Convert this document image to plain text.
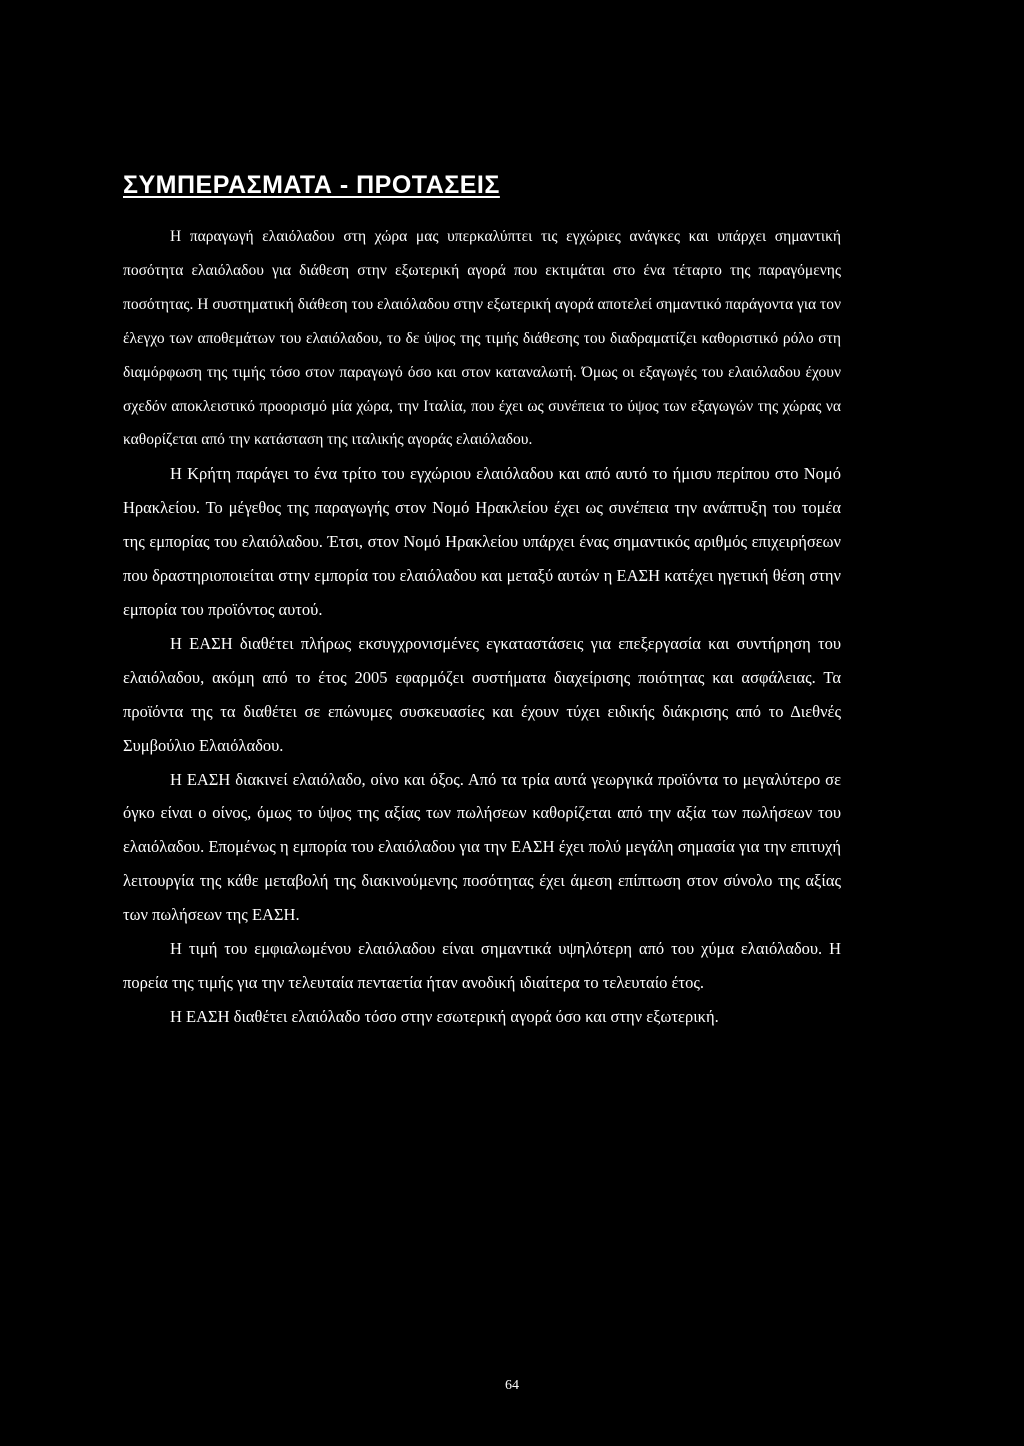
ΣΥΜΠΕΡΑΣΜΑΤΑ - ΠΡΟΤΑΣΕΙΣ

Η παραγωγή ελαιόλαδου στη χώρα μας υπερκαλύπτει τις εγχώριες ανάγκες και υπάρχει σημαντική ποσότητα ελαιόλαδου για διάθεση στην εξωτερική αγορά που εκτιμάται στο ένα τέταρτο της παραγόμενης ποσότητας. Η συστηματική διάθεση του ελαιόλαδου στην εξωτερική αγορά αποτελεί σημαντικό παράγοντα για τον έλεγχο των αποθεμάτων του ελαιόλαδου, το δε ύψος της τιμής διάθεσης του διαδραματίζει καθοριστικό ρόλο στη διαμόρφωση της τιμής τόσο στον παραγωγό όσο και στον καταναλωτή. Όμως οι εξαγωγές του ελαιόλαδου έχουν σχεδόν αποκλειστικό προορισμό μία χώρα, την Ιταλία, που έχει ως συνέπεια το ύψος των εξαγωγών της χώρας να καθορίζεται από την κατάσταση της ιταλικής αγοράς ελαιόλαδου.

Η Κρήτη παράγει το ένα τρίτο του εγχώριου ελαιόλαδου και από αυτό το ήμισυ περίπου στο Νομό Ηρακλείου. Το μέγεθος της παραγωγής στον Νομό Ηρακλείου έχει ως συνέπεια την ανάπτυξη του τομέα της εμπορίας του ελαιόλαδου. Έτσι, στον Νομό Ηρακλείου υπάρχει ένας σημαντικός αριθμός επιχειρήσεων που δραστηριοποιείται στην εμπορία του ελαιόλαδου και μεταξύ αυτών η ΕΑΣΗ κατέχει ηγετική θέση στην εμπορία του προϊόντος αυτού.

Η ΕΑΣΗ διαθέτει πλήρως εκσυγχρονισμένες εγκαταστάσεις για επεξεργασία και συντήρηση του ελαιόλαδου, ακόμη από το έτος 2005 εφαρμόζει συστήματα διαχείρισης ποιότητας και ασφάλειας. Τα προϊόντα της τα διαθέτει σε επώνυμες συσκευασίες και έχουν τύχει ειδικής διάκρισης από το Διεθνές Συμβούλιο Ελαιόλαδου.

Η ΕΑΣΗ διακινεί ελαιόλαδο, οίνο και όξος. Από τα τρία αυτά γεωργικά προϊόντα το μεγαλύτερο σε όγκο είναι ο οίνος, όμως το ύψος της αξίας των πωλήσεων καθορίζεται από την αξία των πωλήσεων του ελαιόλαδου. Επομένως η εμπορία του ελαιόλαδου για την ΕΑΣΗ έχει πολύ μεγάλη σημασία για την επιτυχή λειτουργία της κάθε μεταβολή της διακινούμενης ποσότητας έχει άμεση επίπτωση στον σύνολο της αξίας των πωλήσεων της ΕΑΣΗ.

Η τιμή του εμφιαλωμένου ελαιόλαδου είναι σημαντικά υψηλότερη από του χύμα ελαιόλαδου. Η πορεία της τιμής για την τελευταία πενταετία ήταν ανοδική ιδιαίτερα το τελευταίο έτος.

Η ΕΑΣΗ διαθέτει ελαιόλαδο τόσο στην εσωτερική αγορά όσο και στην εξωτερική.

64
